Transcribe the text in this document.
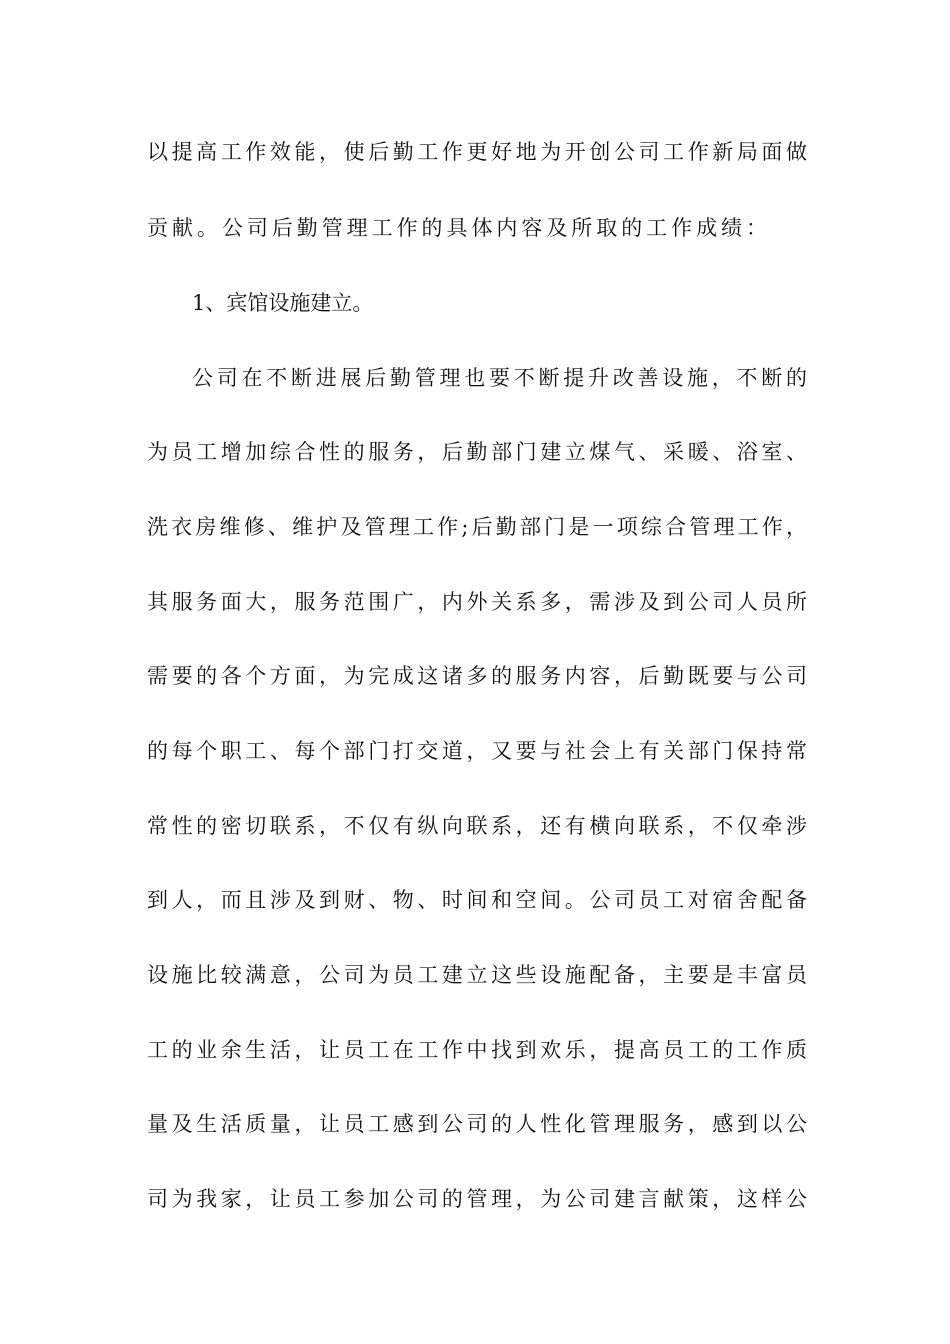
以提高工作效能，使后勤工作更好地为开创公司工作新局面做
贡献。公司后勤管理工作的具体内容及所取的工作成绩：
1、宾馆设施建立。
公司在不断进展后勤管理也要不断提升改善设施，不断的
为员工增加综合性的服务，后勤部门建立煤气、采暖、浴室、
洗衣房维修、维护及管理工作;后勤部门是一项综合管理工作，
其服务面大，服务范围广，内外关系多，需涉及到公司人员所
需要的各个方面，为完成这诸多的服务内容，后勤既要与公司
的每个职工、每个部门打交道，又要与社会上有关部门保持常
常性的密切联系，不仅有纵向联系，还有横向联系，不仅牵涉
到人，而且涉及到财、物、时间和空间。公司员工对宿舍配备
设施比较满意，公司为员工建立这些设施配备，主要是丰富员
工的业余生活，让员工在工作中找到欢乐，提高员工的工作质
量及生活质量，让员工感到公司的人性化管理服务，感到以公
司为我家，让员工参加公司的管理，为公司建言献策，这样公
